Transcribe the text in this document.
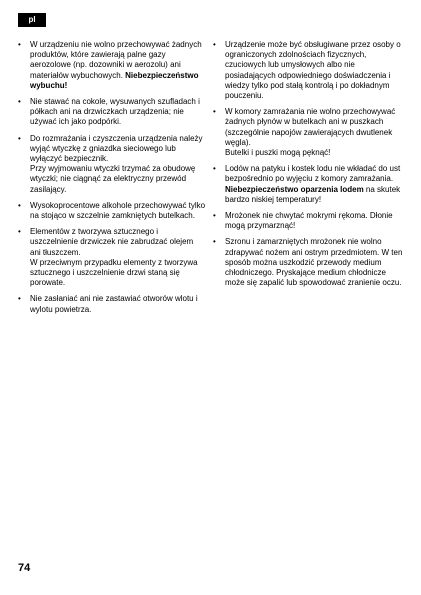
pl
• W urządzeniu nie wolno przechowywać żadnych produktów, które zawierają palne gazy aerozolowe (np. dozowniki w aerozolu) ani materiałów wybuchowych. Niebezpieczeństwo wybuchu!
• Nie stawać na cokole, wysuwanych szufladach i półkach ani na drzwiczkach urządzenia; nie używać ich jako podpórki.
• Do rozmrażania i czyszczenia urządzenia należy wyjąć wtyczkę z gniazdka sieciowego lub wyłączyć bezpiecznik.
Przy wyjmowaniu wtyczki trzymać za obudowę wtyczki; nie ciągnąć za elektryczny przewód zasilający.
• Wysokoprocentowe alkohole przechowywać tylko na stojąco w szczelnie zamkniętych butelkach.
• Elementów z tworzywa sztucznego i uszczelnienie drzwiczek nie zabrudzać olejem ani tłuszczem.
W przeciwnym przypadku elementy z tworzywa sztucznego i uszczelnienie drzwi staną się porowate.
• Nie zasłaniać ani nie zastawiać otworów wlotu i wylotu powietrza.
• Urządzenie może być obsługiwane przez osoby o ograniczonych zdolnościach fizycznych, czuciowych lub umysłowych albo nie posiadających odpowiedniego doświadczenia i wiedzy tylko pod stałą kontrolą i po dokładnym pouczeniu.
• W komory zamrażania nie wolno przechowywać żadnych płynów w butelkach ani w puszkach (szczególnie napojów zawierających dwutlenek węgla).
Butelki i puszki mogą pęknąć!
• Lodów na patyku i kostek lodu nie wkładać do ust bezpośrednio po wyjęciu z komory zamrażania. Niebezpieczeństwo oparzenia lodem na skutek bardzo niskiej temperatury!
• Mrożonek nie chwytać mokrymi rękoma. Dłonie mogą przymarznąć!
• Szronu i zamarzniętych mrożonek nie wolno zdrapywać nożem ani ostrym przedmiotem. W ten sposób można uszkodzić przewody medium chłodniczego. Pryskające medium chłodnicze może się zapalić lub spowodować zranienie oczu.
74
